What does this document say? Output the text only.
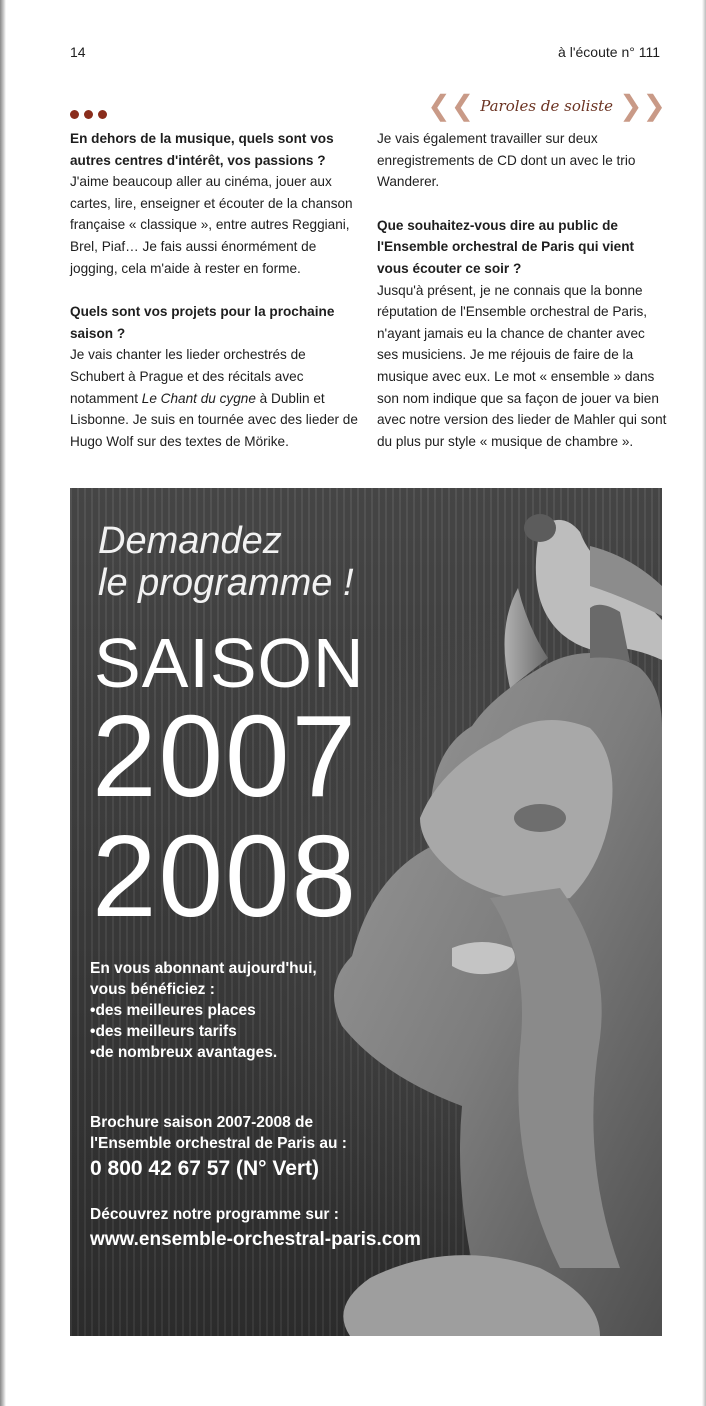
14	à l'écoute n° 111
❮❮ Paroles de soliste ❯❯

En dehors de la musique, quels sont vos autres centres d'intérêt, vos passions ?

J'aime beaucoup aller au cinéma, jouer aux cartes, lire, enseigner et écouter de la chanson française « classique », entre autres Reggiani, Brel, Piaf… Je fais aussi énormément de jogging, cela m'aide à rester en forme.

Quels sont vos projets pour la prochaine saison ?

Je vais chanter les lieder orchestrés de Schubert à Prague et des récitals avec notamment Le Chant du cygne à Dublin et Lisbonne. Je suis en tournée avec des lieder de Hugo Wolf sur des textes de Mörike.

Je vais également travailler sur deux enregistrements de CD dont un avec le trio Wanderer.

Que souhaitez-vous dire au public de l'Ensemble orchestral de Paris qui vient vous écouter ce soir ?

Jusqu'à présent, je ne connais que la bonne réputation de l'Ensemble orchestral de Paris, n'ayant jamais eu la chance de chanter avec ses musiciens. Je me réjouis de faire de la musique avec eux. Le mot « ensemble » dans son nom indique que sa façon de jouer va bien avec notre version des lieder de Mahler qui sont du plus pur style « musique de chambre ».

Demandez
le programme !
SAISON
2007
2008
En vous abonnant aujourd'hui,
vous bénéficiez :
• des meilleures places
• des meilleurs tarifs
• de nombreux avantages.
Brochure saison 2007-2008 de
l'Ensemble orchestral de Paris au :
0 800 42 67 57 (N° Vert)
Découvrez notre programme sur :
www.ensemble-orchestral-paris.com
